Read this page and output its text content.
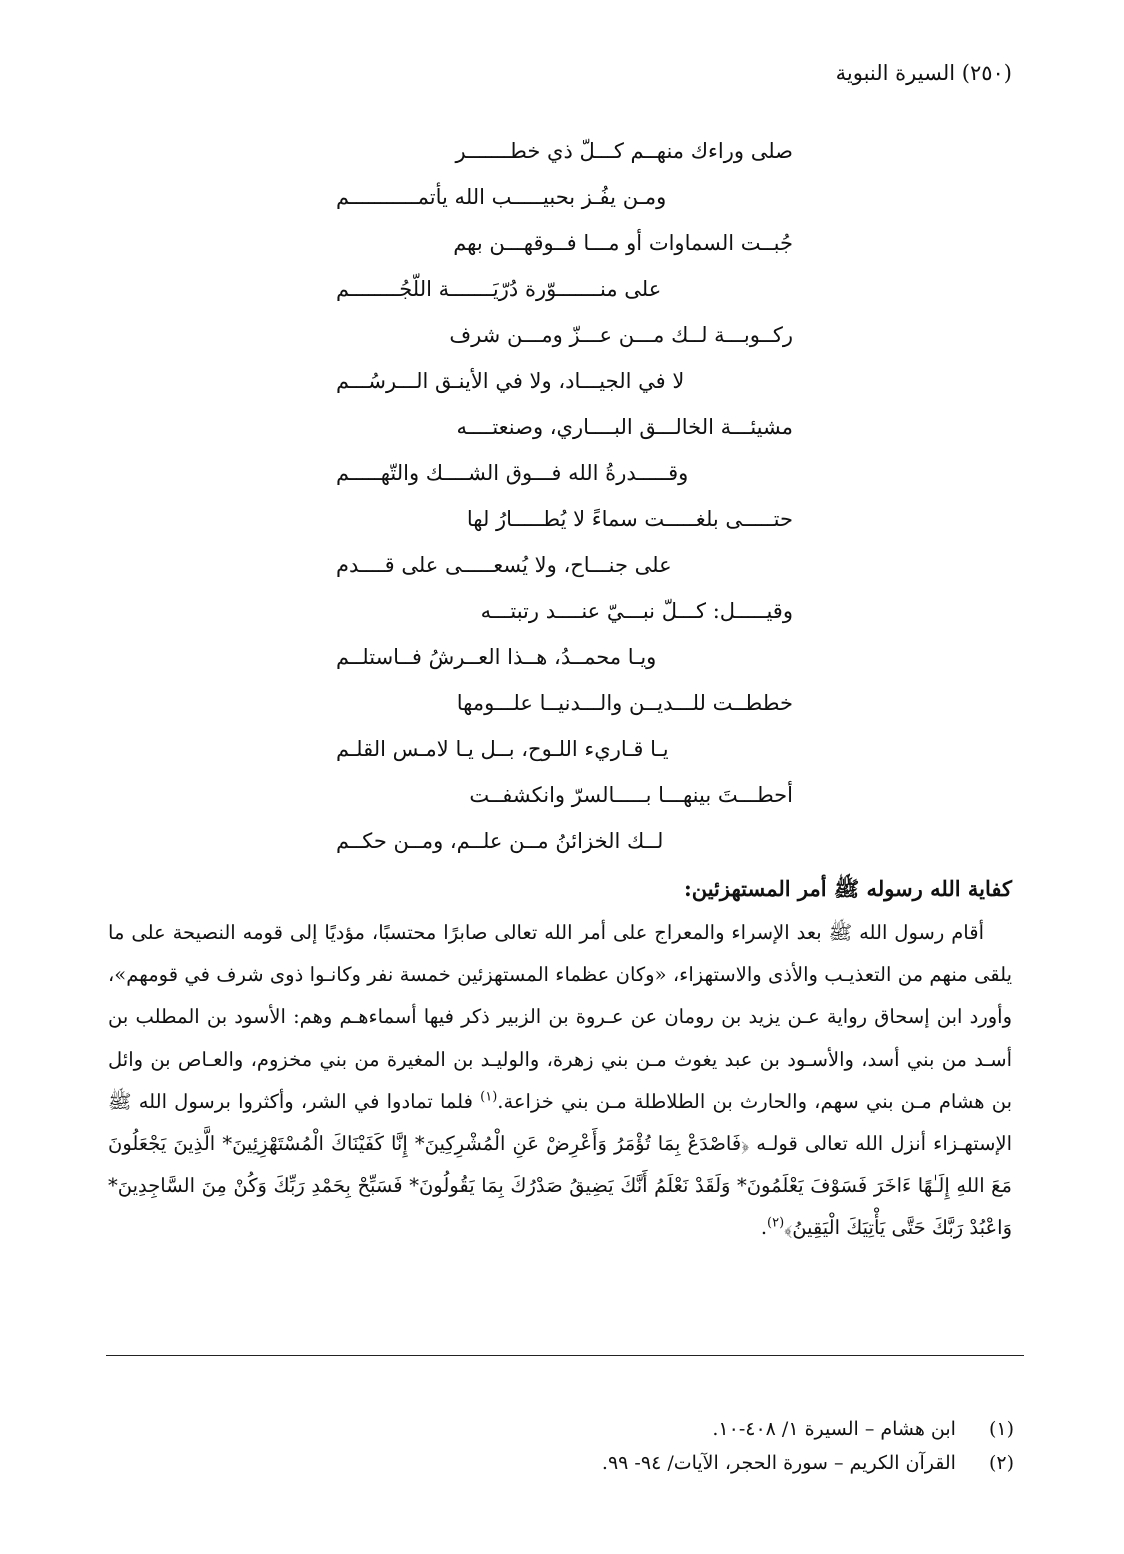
(٢٥٠) السيرة النبوية
صلى وراءك منهــم كـــلّ ذي خطـــــــر
ومـن يفُـز بحبيـــــب الله يأتمـــــــــــم
جُبــت السماوات أو مـــا فــوقهـــن بهم
على منـــــــوّرة دُرّيَـــــــة اللّجُــــــــم
ركــوبـــة لــك مـــن عـــزّ ومـــن شرف
لا في الجيـــاد، ولا في الأينـق الـــرسُـــم
مشيئـــة الخالـــق البــــاري، وصنعتــــه
وقـــــدرةُ الله فـــوق الشــــك والتّهـــــم
حتـــــى بلغـــــت سماءً لا يُطـــــارُ لها
على جنـــاح، ولا يُسعـــــى على قــــدم
وقيـــــل: كـــلّ نبـــيّ عنــــد رتبتـــه
ويـا محمــدُ، هــذا العــرشُ فــاستلــم
خططــت للـــديــن والـــدنيــا علـــومها
يـا قـاريء اللـوح، بــل يـا لامـس القلـم
أحطـــتَ بينهـــا بـــــالسرّ وانكشفــت
لــك الخزائنُ مــن علــم، ومــن حكــم
كفاية الله رسوله ﷺ أمر المستهزئين:

أقام رسول الله ﷺ بعد الإسراء والمعراج على أمر الله تعالى صابرًا محتسبًا، مؤديًا إلى قومه النصيحة على ما يلقى منهم من التعذيـب والأذى والاستهزاء، «وكان عظماء المستهزئين خمسة نفر وكانـوا ذوى شرف في قومهم»، وأورد ابن إسحاق رواية عـن يزيد بن رومان عن عـروة بن الزبير ذكر فيها أسماءهـم وهم: الأسود بن المطلب بن أسـد من بني أسد، والأسـود بن عبد يغوث مـن بني زهرة، والوليـد بن المغيرة من بني مخزوم، والعـاص بن وائل بن هشام مـن بني سهم، والحارث بن الطلاطلة مـن بني خزاعة.$^{(١)}$ فلما تمادوا في الشر، وأكثروا برسول الله ﷺ الإستهـزاء أنزل الله تعالى قولـه ﴿فَاصْدَعْ بِمَا تُؤْمَرُ وَأَعْرِضْ عَنِ الْمُشْرِكِينَ* إِنَّا كَفَيْنَاكَ الْمُسْتَهْزِئِينَ* الَّذِينَ يَجْعَلُونَ مَعَ اللهِ إِلَـٰهًا ءَاخَرَ فَسَوْفَ يَعْلَمُونَ* وَلَقَدْ نَعْلَمُ أَنَّكَ يَضِيقُ صَدْرُكَ بِمَا يَقُولُونَ* فَسَبِّحْ بِحَمْدِ رَبِّكَ وَكُنْ مِنَ السَّاجِدِينَ* وَاعْبُدْ رَبَّكَ حَتَّى يَأْتِيَكَ الْيَقِينُ﴾$^{(٢)}$.

(١) ابن هشام – السيرة ١/ ٤٠٨-١٠.
(٢) القرآن الكريم – سورة الحجر، الآيات/ ٩٤- ٩٩.
